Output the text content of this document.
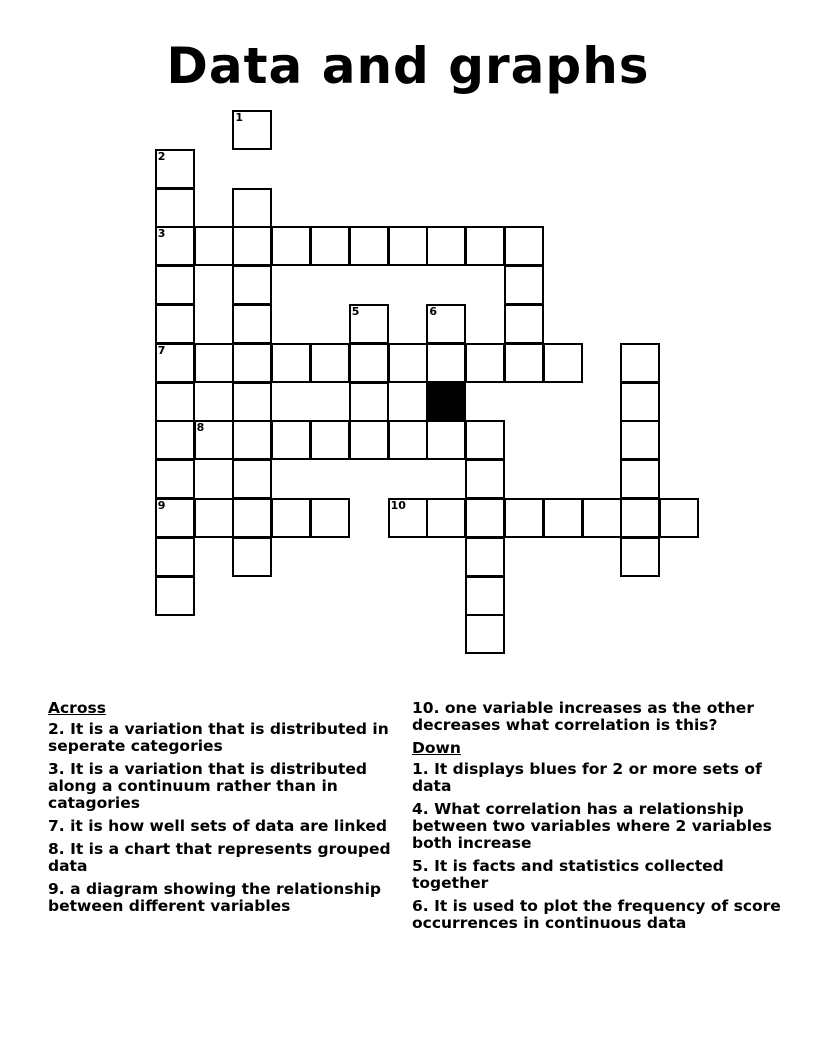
Data and graphs
1
2
3
7
9
5	6
8
10
Across
2. It is a variation that is distributed in seperate categories
3. It is a variation that is distributed along a continuum rather than in catagories
7. it is how well sets of data are linked
8. It is a chart that represents grouped data
9. a diagram showing the relationship between different variables
10. one variable increases as the other decreases what correlation is this?
Down
1. It displays blues for 2 or more sets of data
4. What correlation has a relationship between two variables where 2 variables both increase
5. It is facts and statistics collected together
6. It is used to plot the frequency of score occurrences in continuous data
